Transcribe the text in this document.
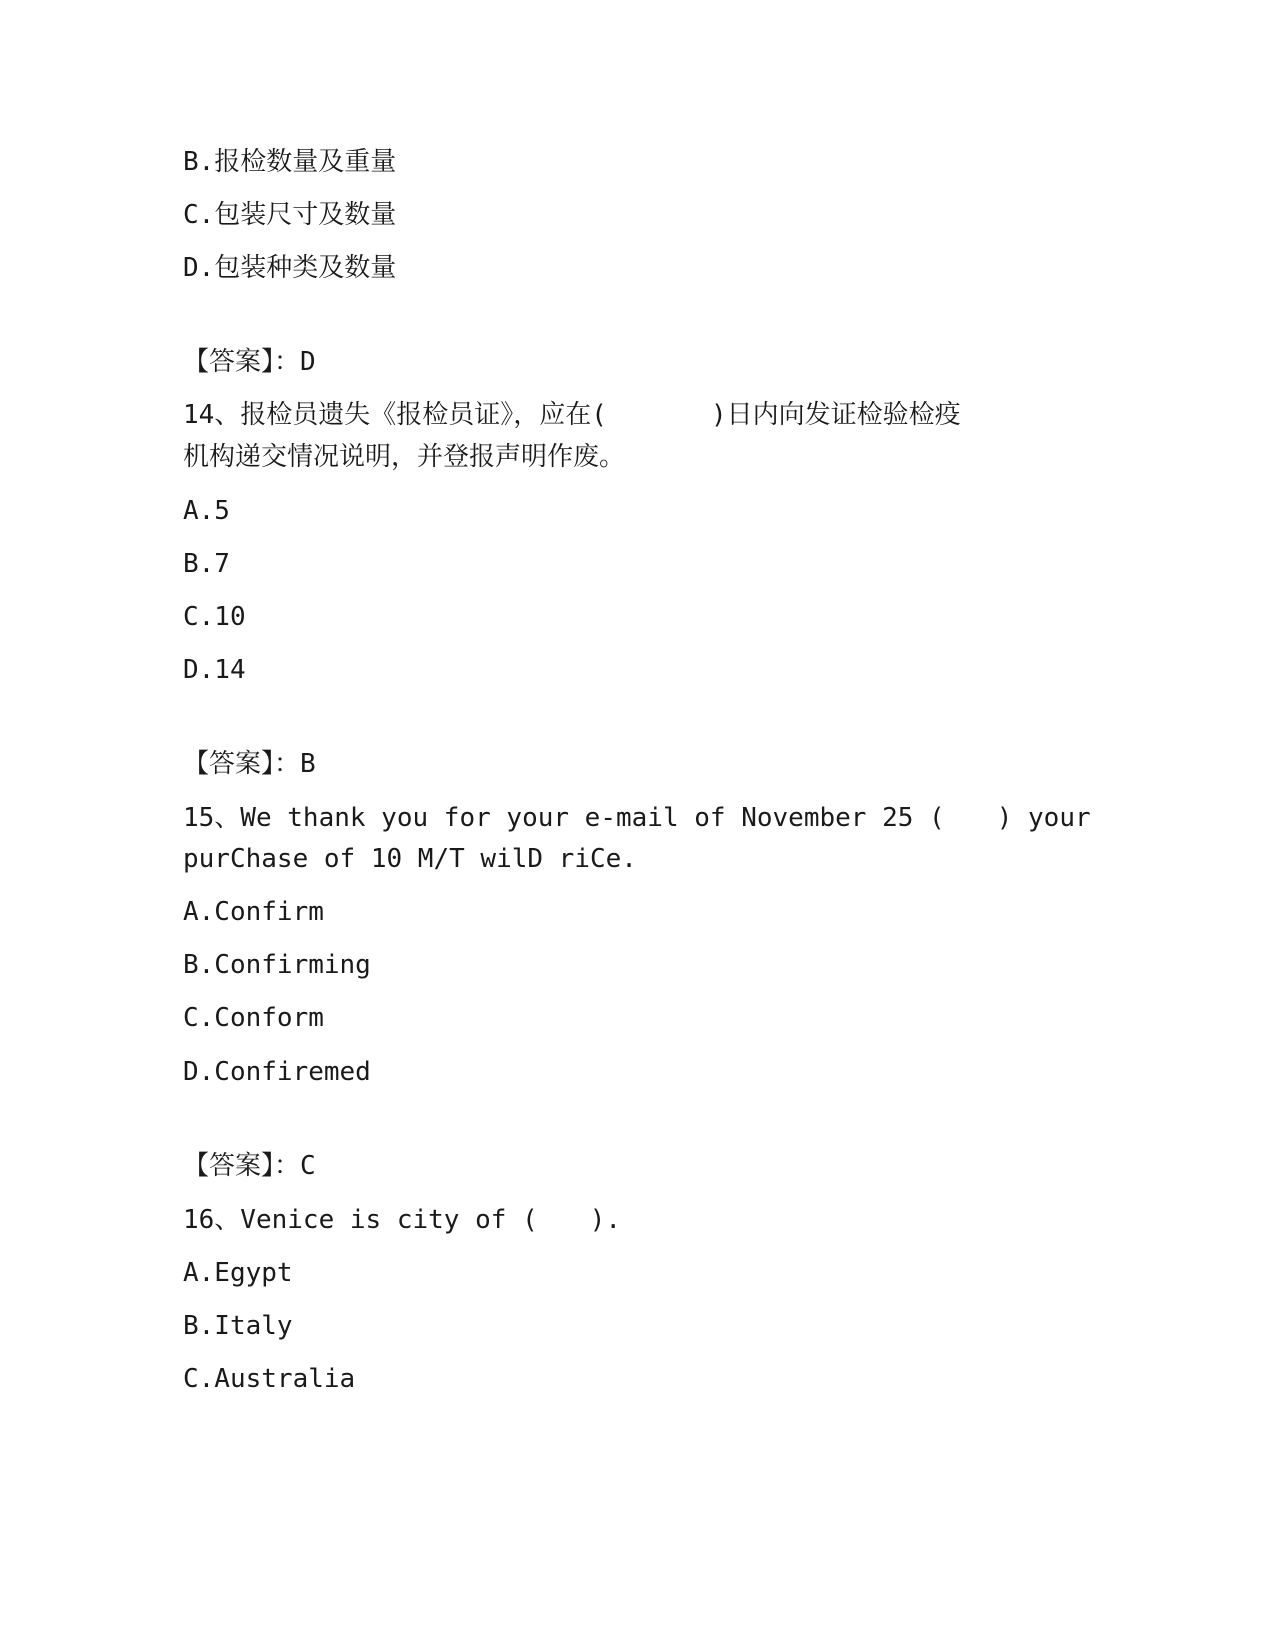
B.报检数量及重量
C.包装尺寸及数量
D.包装种类及数量
【答案】：D
14、报检员遗失《报检员证》，应在(　　　　)日内向发证检验检疫
机构递交情况说明，并登报声明作废。
A.5
B.7
C.10
D.14
【答案】：B
15、We thank you for your e-mail of November 25 (　　) your
purChase of 10 M/T wilD riCe.
A.Confirm
B.Confirming
C.Conform
D.Confiremed
【答案】：C
16、Venice is city of (　　).
A.Egypt
B.Italy
C.Australia
